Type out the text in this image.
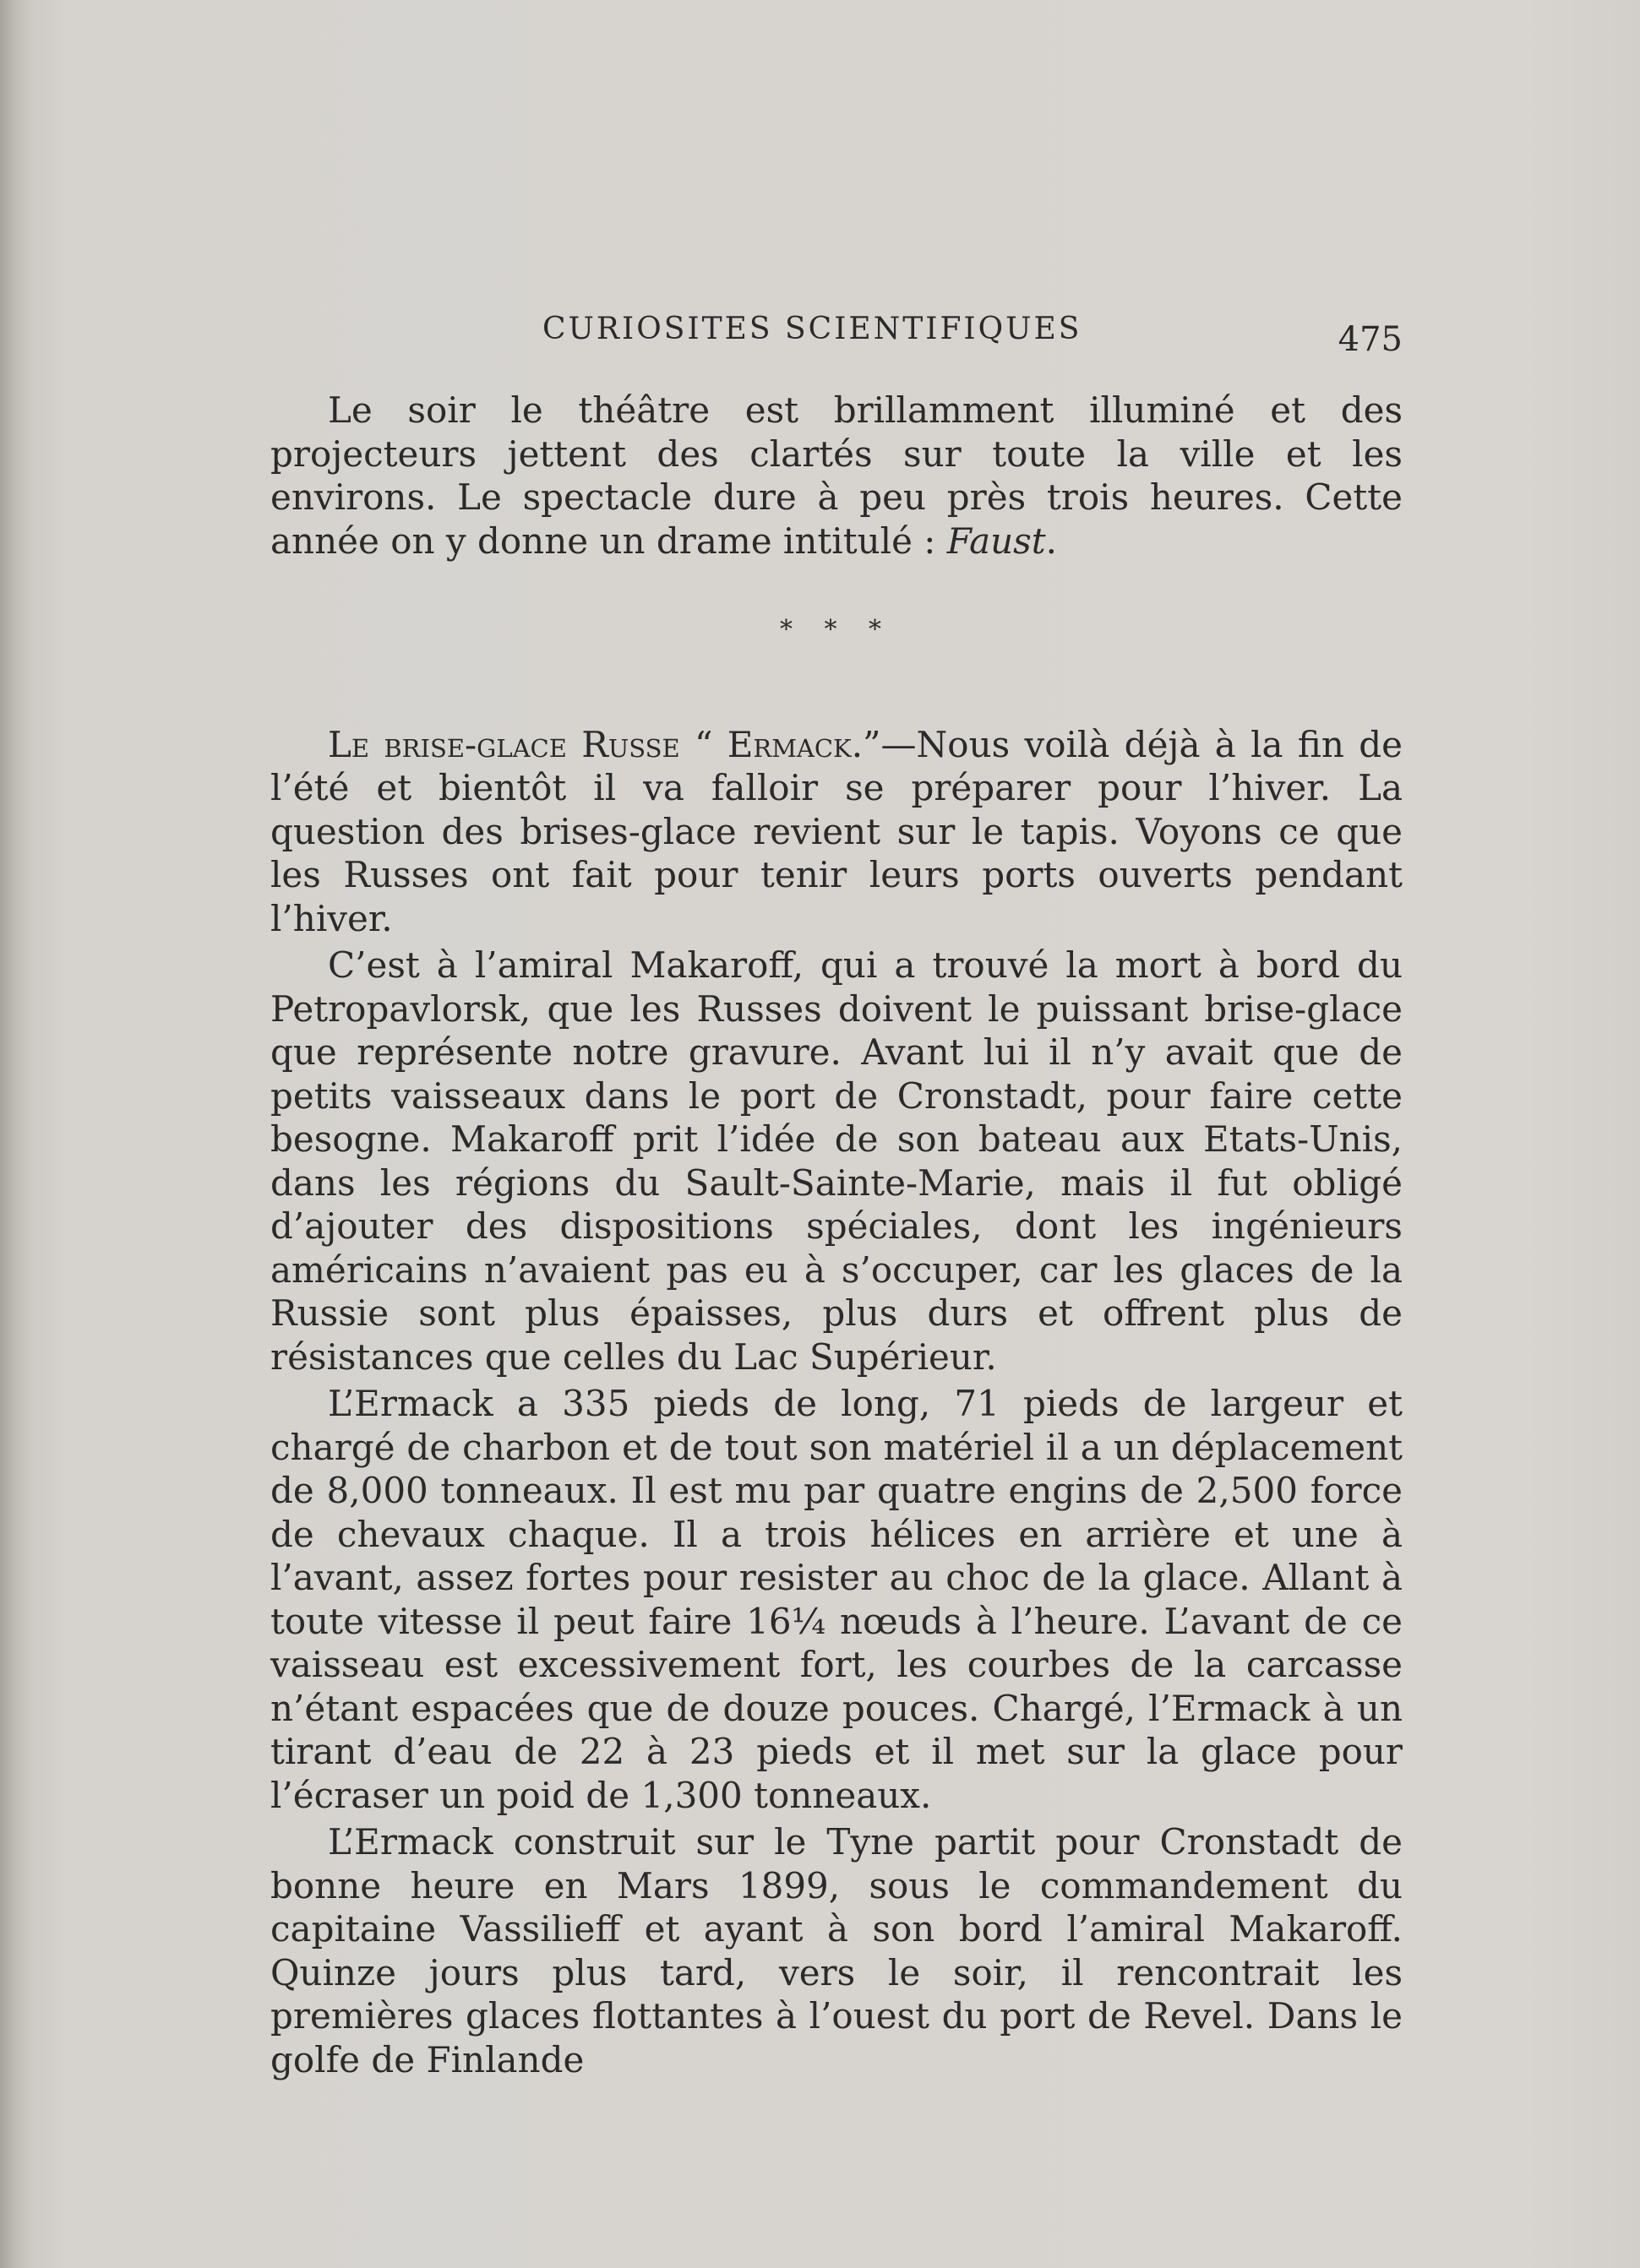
CURIOSITES SCIENTIFIQUES	475

Le soir le théâtre est brillamment illuminé et des projecteurs jettent des clartés sur toute la ville et les environs. Le spectacle dure à peu près trois heures. Cette année on y donne un drame intitulé : Faust.

* * *

Le brise-glace Russe “ Ermack.”—Nous voilà déjà à la fin de l’été et bientôt il va falloir se préparer pour l’hiver. La question des brises-glace revient sur le tapis. Voyons ce que les Russes ont fait pour tenir leurs ports ouverts pendant l’hiver.

C’est à l’amiral Makaroff, qui a trouvé la mort à bord du Petropavlorsk, que les Russes doivent le puissant brise-glace que représente notre gravure. Avant lui il n’y avait que de petits vaisseaux dans le port de Cronstadt, pour faire cette besogne. Makaroff prit l’idée de son bateau aux Etats-Unis, dans les régions du Sault-Sainte-Marie, mais il fut obligé d’ajouter des dispositions spéciales, dont les ingénieurs américains n’avaient pas eu à s’occuper, car les glaces de la Russie sont plus épaisses, plus durs et offrent plus de résistances que celles du Lac Supérieur.

L’Ermack a 335 pieds de long, 71 pieds de largeur et chargé de charbon et de tout son matériel il a un déplacement de 8,000 tonneaux. Il est mu par quatre engins de 2,500 force de chevaux chaque. Il a trois hélices en arrière et une à l’avant, assez fortes pour resister au choc de la glace. Allant à toute vitesse il peut faire 16¼ nœuds à l’heure. L’avant de ce vaisseau est excessivement fort, les courbes de la carcasse n’étant espacées que de douze pouces. Chargé, l’Ermack à un tirant d’eau de 22 à 23 pieds et il met sur la glace pour l’écraser un poid de 1,300 tonneaux.

L’Ermack construit sur le Tyne partit pour Cronstadt de bonne heure en Mars 1899, sous le commandement du capitaine Vassilieff et ayant à son bord l’amiral Makaroff. Quinze jours plus tard, vers le soir, il rencontrait les premières glaces flottantes à l’ouest du port de Revel. Dans le golfe de Finlande
